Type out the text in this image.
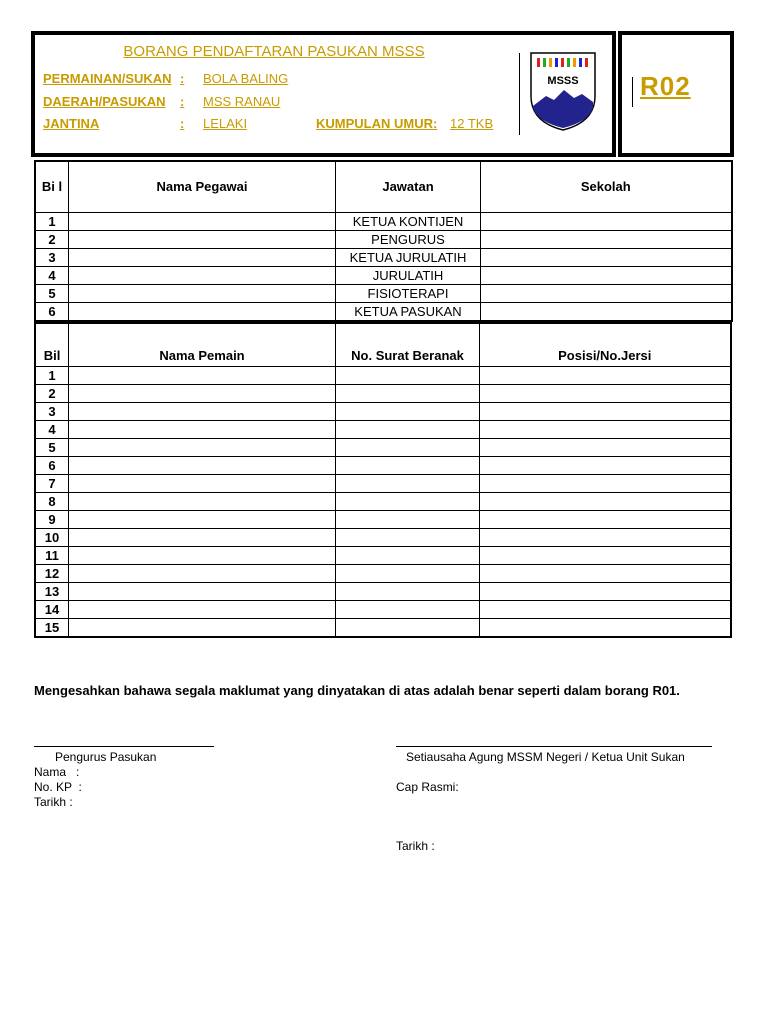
BORANG PENDAFTARAN PASUKAN MSSS
PERMAINAN/SUKAN : BOLA BALING
DAERAH/PASUKAN : MSS RANAU
JANTINA	: LELAKI	KUMPULAN UMUR: 12 TKB
MSSS R02
Bi l	Nama Pegawai	Jawatan	Sekolah
1		KETUA KONTIJEN	
2		PENGURUS	
3		KETUA JURULATIH	
4		JURULATIH	
5		FISIOTERAPI	
6		KETUA PASUKAN	
Bil	Nama Pemain	No. Surat Beranak	Posisi/No.Jersi
1			
2			
3			
4			
5			
6			
7			
8			
9			
10			
11			
12			
13			
14			
15			
Mengesahkan bahawa segala maklumat yang dinyatakan di atas adalah benar seperti dalam borang R01.
Pengurus Pasukan
Nama   :
No. KP  :
Tarikh :
Setiausaha Agung MSSM Negeri / Ketua Unit Sukan
Cap Rasmi:
Tarikh :
